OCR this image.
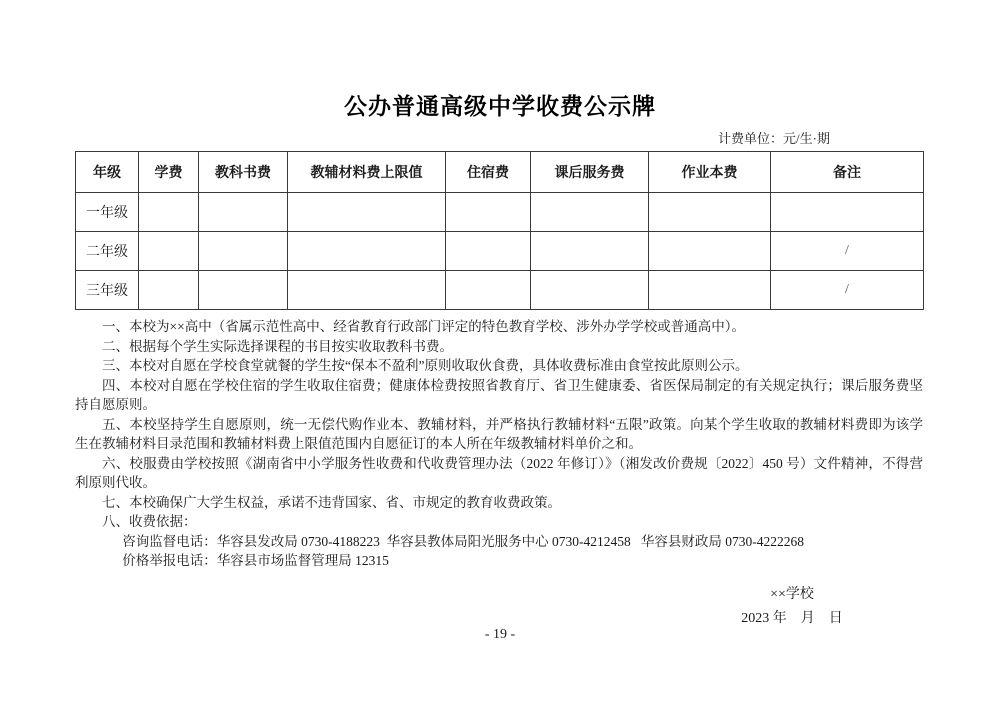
公办普通高级中学收费公示牌
计费单位：元/生·期
年级	学费	教科书费	教辅材料费上限值	住宿费	课后服务费	作业本费	备注
一年级							
二年级							/
三年级							/

一、本校为××高中（省属示范性高中、经省教育行政部门评定的特色教育学校、涉外办学学校或普通高中）。

二、根据每个学生实际选择课程的书目按实收取教科书费。

三、本校对自愿在学校食堂就餐的学生按“保本不盈利”原则收取伙食费，具体收费标准由食堂按此原则公示。

四、本校对自愿在学校住宿的学生收取住宿费；健康体检费按照省教育厅、省卫生健康委、省医保局制定的有关规定执行；课后服务费坚持自愿原则。

五、本校坚持学生自愿原则，统一无偿代购作业本、教辅材料，并严格执行教辅材料“五限”政策。向某个学生收取的教辅材料费即为该学生在教辅材料目录范围和教辅材料费上限值范围内自愿征订的本人所在年级教辅材料单价之和。

六、校服费由学校按照《湖南省中小学服务性收费和代收费管理办法（2022 年修订）》（湘发改价费规〔2022〕450 号）文件精神，不得营利原则代收。

七、本校确保广大学生权益，承诺不违背国家、省、市规定的教育收费政策。

八、收费依据：

咨询监督电话：华容县发改局 0730-4188223  华容县教体局阳光服务中心 0730-4212458   华容县财政局 0730-4222268

价格举报电话：华容县市场监督管理局 12315

××学校
2023 年　月　日
- 19 -
